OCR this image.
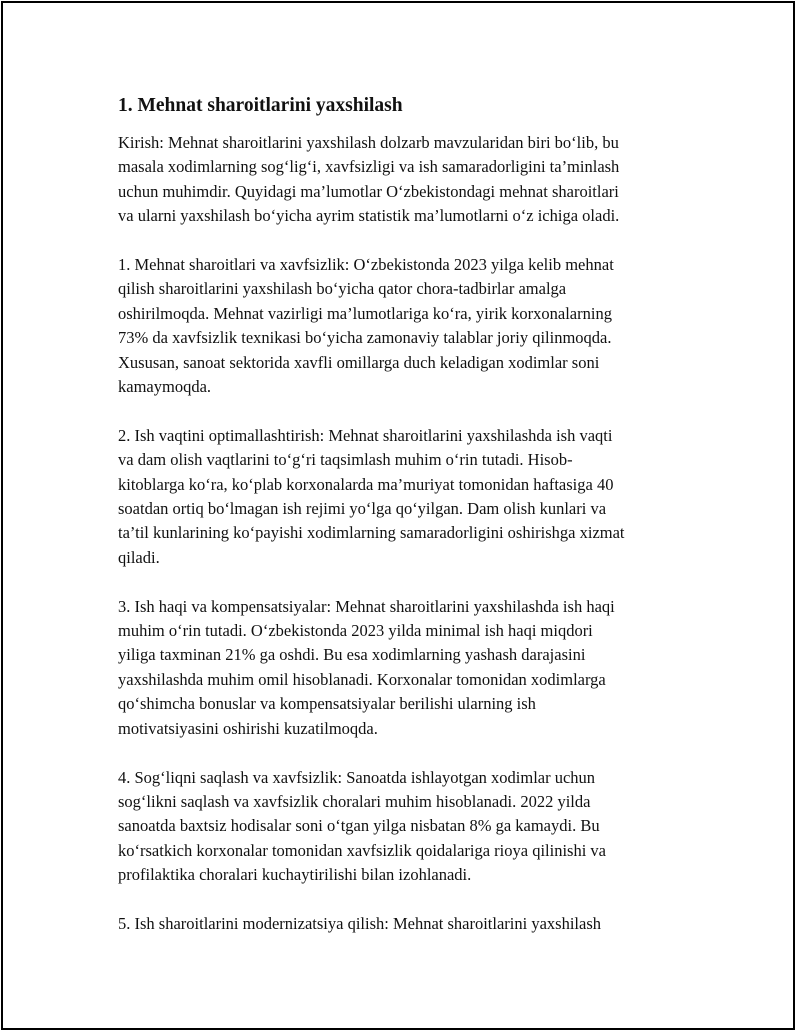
1. Mehnat sharoitlarini yaxshilash
Kirish: Mehnat sharoitlarini yaxshilash dolzarb mavzularidan biri bo‘lib, bu
masala xodimlarning sog‘lig‘i, xavfsizligi va ish samaradorligini ta’minlash
uchun muhimdir. Quyidagi ma’lumotlar O‘zbekistondagi mehnat sharoitlari
va ularni yaxshilash bo‘yicha ayrim statistik ma’lumotlarni o‘z ichiga oladi.
1. Mehnat sharoitlari va xavfsizlik: O‘zbekistonda 2023 yilga kelib mehnat
qilish sharoitlarini yaxshilash bo‘yicha qator chora-tadbirlar amalga
oshirilmoqda. Mehnat vazirligi ma’lumotlariga ko‘ra, yirik korxonalarning
73% da xavfsizlik texnikasi bo‘yicha zamonaviy talablar joriy qilinmoqda.
Xususan, sanoat sektorida xavfli omillarga duch keladigan xodimlar soni
kamaymoqda.
2. Ish vaqtini optimallashtirish: Mehnat sharoitlarini yaxshilashda ish vaqti
va dam olish vaqtlarini to‘g‘ri taqsimlash muhim o‘rin tutadi. Hisob-
kitoblarga ko‘ra, ko‘plab korxonalarda ma’muriyat tomonidan haftasiga 40
soatdan ortiq bo‘lmagan ish rejimi yo‘lga qo‘yilgan. Dam olish kunlari va
ta’til kunlarining ko‘payishi xodimlarning samaradorligini oshirishga xizmat
qiladi.
3. Ish haqi va kompensatsiyalar: Mehnat sharoitlarini yaxshilashda ish haqi
muhim o‘rin tutadi. O‘zbekistonda 2023 yilda minimal ish haqi miqdori
yiliga taxminan 21% ga oshdi. Bu esa xodimlarning yashash darajasini
yaxshilashda muhim omil hisoblanadi. Korxonalar tomonidan xodimlarga
qo‘shimcha bonuslar va kompensatsiyalar berilishi ularning ish
motivatsiyasini oshirishi kuzatilmoqda.
4. Sog‘liqni saqlash va xavfsizlik: Sanoatda ishlayotgan xodimlar uchun
sog‘likni saqlash va xavfsizlik choralari muhim hisoblanadi. 2022 yilda
sanoatda baxtsiz hodisalar soni o‘tgan yilga nisbatan 8% ga kamaydi. Bu
ko‘rsatkich korxonalar tomonidan xavfsizlik qoidalariga rioya qilinishi va
profilaktika choralari kuchaytirilishi bilan izohlanadi.
5. Ish sharoitlarini modernizatsiya qilish: Mehnat sharoitlarini yaxshilash
